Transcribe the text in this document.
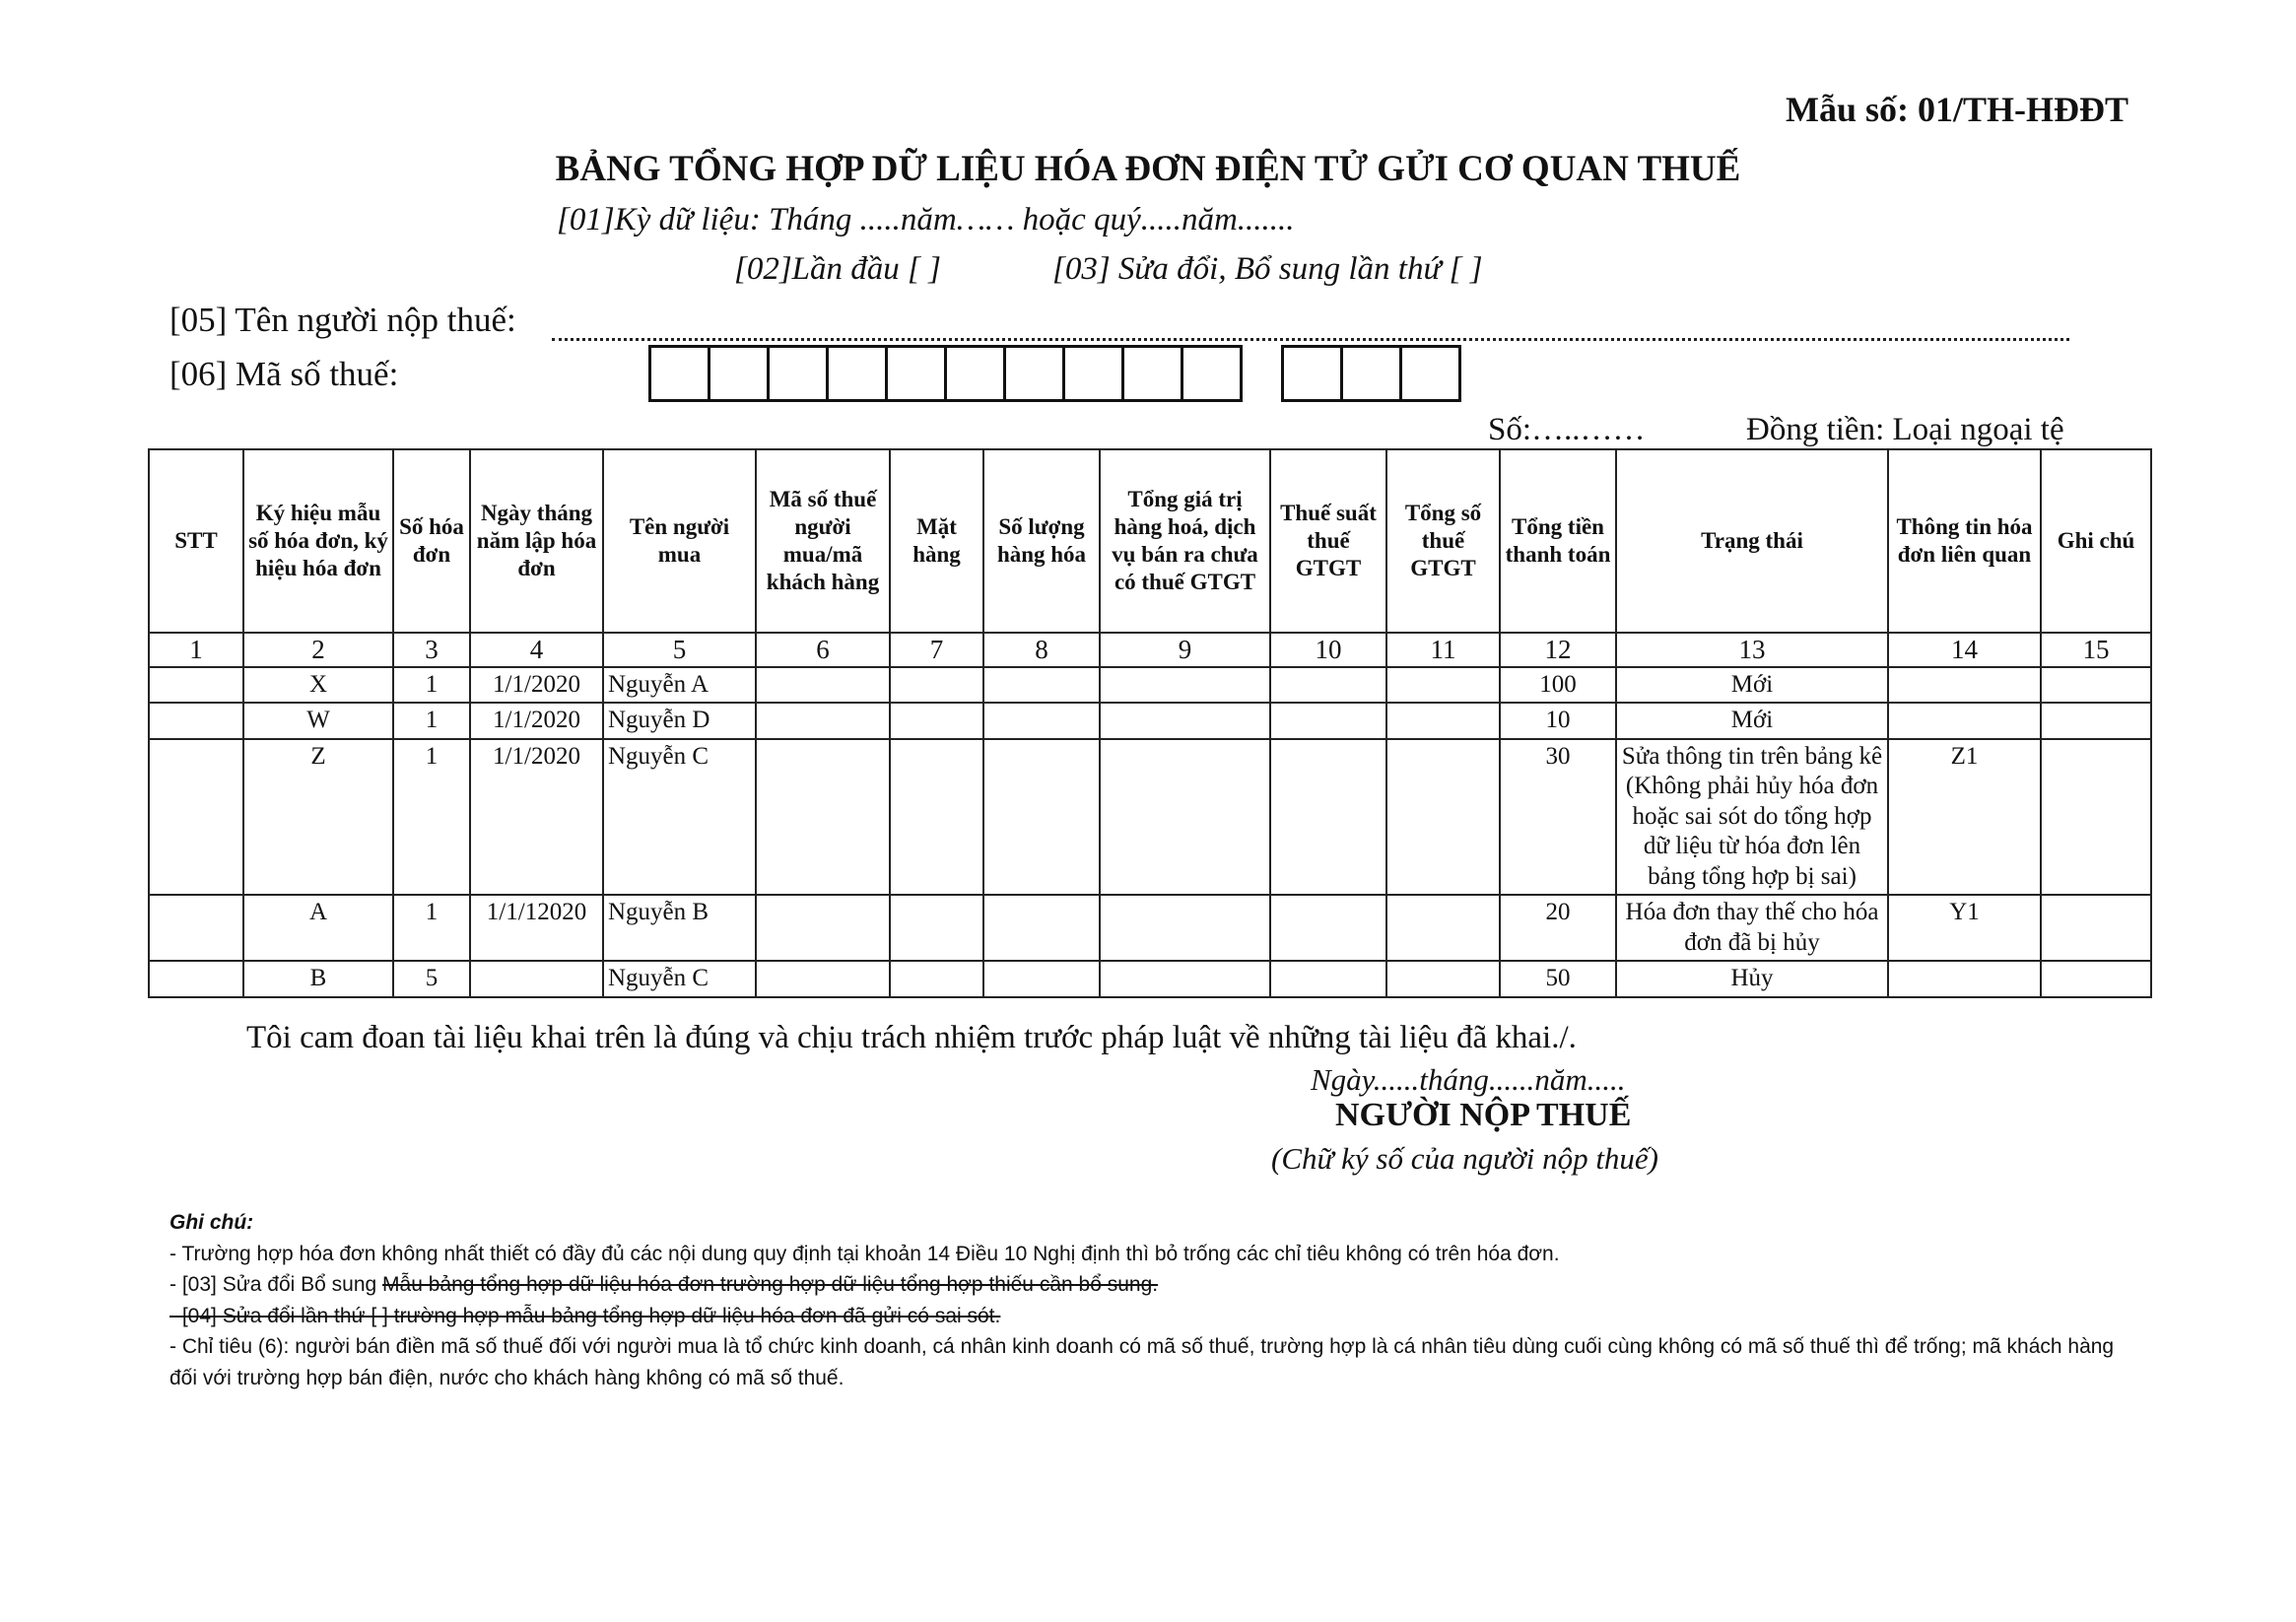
Mẫu số: 01/TH-HĐĐT
BẢNG TỔNG HỢP DỮ LIỆU HÓA ĐƠN ĐIỆN TỬ GỬI CƠ QUAN THUẾ
[01]Kỳ dữ liệu: Tháng .....năm…… hoặc quý.....năm.......
[02]Lần đầu [ ]	[03] Sửa đổi, Bổ sung lần thứ [ ]
[05] Tên người nộp thuế:
[06] Mã số thuế:
Số:…..……	Đồng tiền: Loại ngoại tệ
STT	Ký hiệu mẫu số hóa đơn, ký hiệu hóa đơn	Số hóa đơn	Ngày tháng năm lập hóa đơn	Tên người mua	Mã số thuế người mua/mã khách hàng	Mặt hàng	Số lượng hàng hóa	Tổng giá trị hàng hoá, dịch vụ bán ra chưa có thuế GTGT	Thuế suất thuế GTGT	Tổng số thuế GTGT	Tổng tiền thanh toán	Trạng thái	Thông tin hóa đơn liên quan	Ghi chú
1	2	3	4	5	6	7	8	9	10	11	12	13	14	15
	X	1	1/1/2020	Nguyễn A							100	Mới		
	W	1	1/1/2020	Nguyễn D							10	Mới		
	Z	1	1/1/2020	Nguyễn C							30	Sửa thông tin trên bảng kê (Không phải hủy hóa đơn hoặc sai sót do tổng hợp dữ liệu từ hóa đơn lên bảng tổng hợp bị sai)	Z1	
	A	1	1/1/12020	Nguyễn B							20	Hóa đơn thay thế cho hóa đơn đã bị hủy	Y1	
	B	5		Nguyễn C							50	Hủy		
Tôi cam đoan tài liệu khai trên là đúng và chịu trách nhiệm trước pháp luật về những tài liệu đã khai./.
Ngày......tháng......năm.....
NGƯỜI NỘP THUẾ
(Chữ ký số của người nộp thuế)

Ghi chú:

- Trường hợp hóa đơn không nhất thiết có đầy đủ các nội dung quy định tại khoản 14 Điều 10 Nghị định thì bỏ trống các chỉ tiêu không có trên hóa đơn.

- [03] Sửa đổi Bổ sung Mẫu bảng tổng hợp dữ liệu hóa đơn trường hợp dữ liệu tổng hợp thiếu cần bổ sung.

- [04] Sửa đổi lần thứ [ ] trường hợp mẫu bảng tổng hợp dữ liệu hóa đơn đã gửi có sai sót.

- Chỉ tiêu (6): người bán điền mã số thuế đối với người mua là tổ chức kinh doanh, cá nhân kinh doanh có mã số thuế, trường hợp là cá nhân tiêu dùng cuối cùng không có mã số thuế thì để trống; mã khách hàng đối với trường hợp bán điện, nước cho khách hàng không có mã số thuế.
